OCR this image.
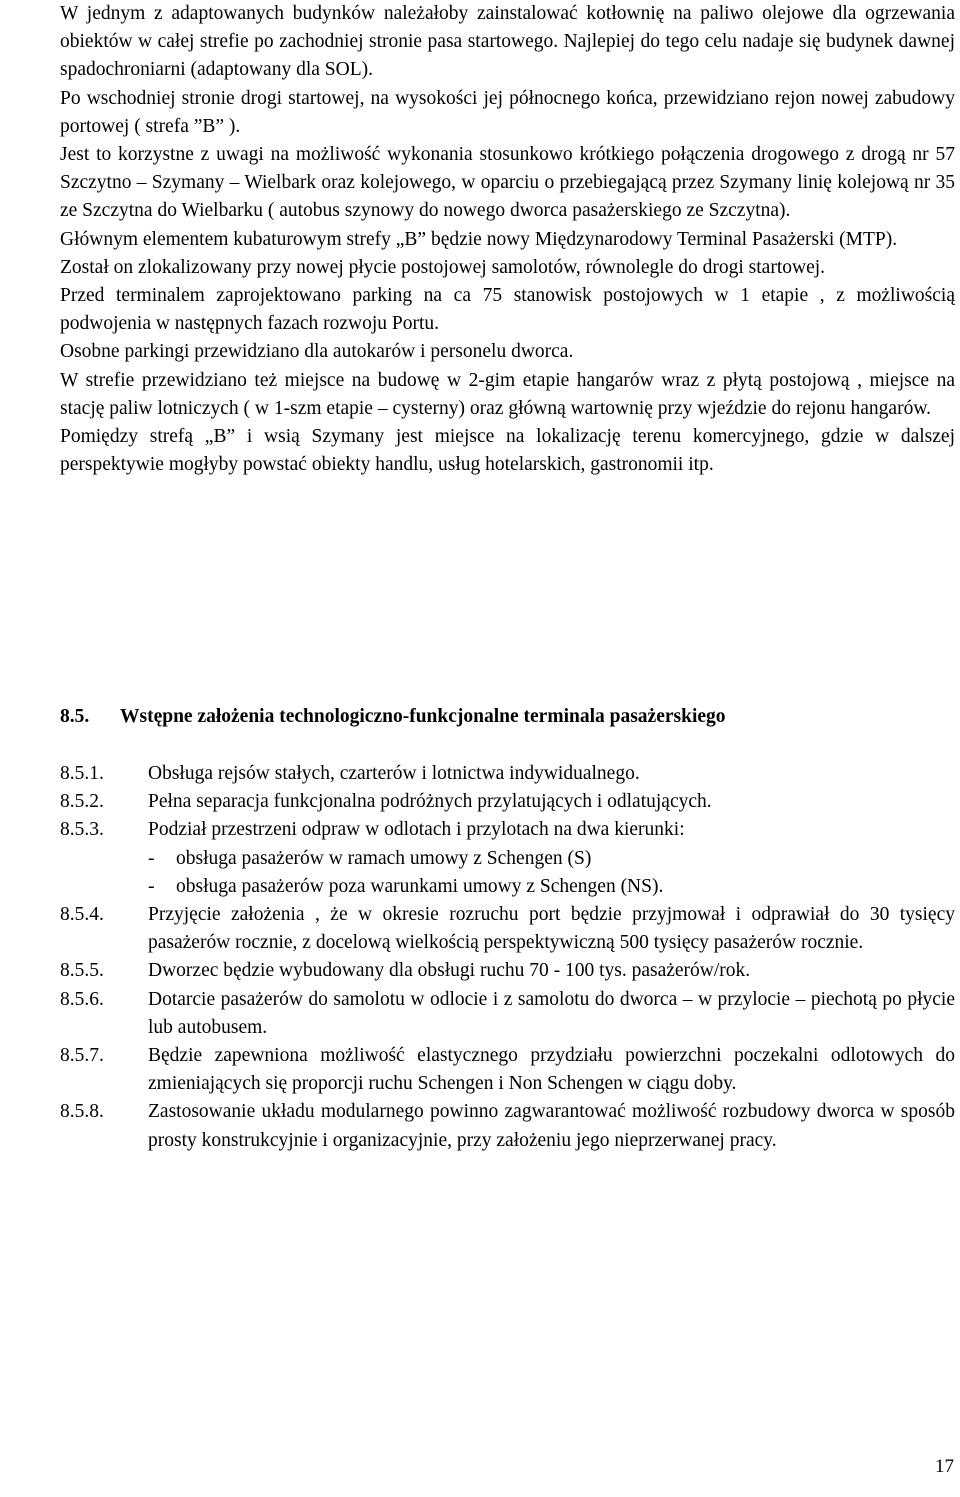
W jednym z adaptowanych budynków należałoby zainstalować kotłownię na paliwo olejowe dla ogrzewania obiektów w całej strefie po zachodniej stronie pasa startowego. Najlepiej do tego celu nadaje się budynek dawnej spadochroniarni (adaptowany dla SOL).

Po wschodniej stronie drogi startowej, na wysokości jej północnego końca, przewidziano rejon nowej zabudowy portowej ( strefa ”B” ).

Jest to korzystne z uwagi na możliwość wykonania stosunkowo krótkiego połączenia drogowego z drogą nr 57 Szczytno – Szymany – Wielbark oraz kolejowego, w oparciu o przebiegającą przez Szymany linię kolejową nr 35 ze Szczytna do Wielbarku ( autobus szynowy do nowego dworca pasażerskiego ze Szczytna).

Głównym elementem kubaturowym strefy „B” będzie nowy Międzynarodowy Terminal Pasażerski (MTP).

Został on zlokalizowany przy nowej płycie postojowej samolotów, równolegle do drogi startowej.

Przed terminalem zaprojektowano parking na ca 75 stanowisk postojowych w 1 etapie , z możliwością podwojenia w następnych fazach rozwoju Portu.

Osobne parkingi przewidziano dla autokarów i personelu dworca.

W strefie przewidziano też miejsce na budowę w 2-gim etapie hangarów wraz z płytą postojową , miejsce na stację paliw lotniczych ( w 1-szm etapie – cysterny) oraz główną wartownię przy wjeździe do rejonu hangarów.

Pomiędzy strefą „B” i wsią Szymany jest miejsce na lokalizację terenu komercyjnego, gdzie w dalszej perspektywie mogłyby powstać obiekty handlu, usług hotelarskich, gastronomii itp.

8.5.	Wstępne założenia technologiczno-funkcjonalne terminala pasażerskiego
8.5.1.	Obsługa rejsów stałych, czarterów i lotnictwa indywidualnego.
8.5.2.	Pełna separacja funkcjonalna podróżnych przylatujących i odlatujących.
8.5.3.	Podział przestrzeni odpraw w odlotach i przylotach na dwa kierunki:
- obsługa pasażerów w ramach umowy z Schengen (S)
- obsługa pasażerów poza warunkami umowy z Schengen (NS).
8.5.4.	Przyjęcie założenia , że w okresie rozruchu port będzie przyjmował i odprawiał do 30 tysięcy pasażerów rocznie, z docelową wielkością perspektywiczną 500 tysięcy pasażerów rocznie.
8.5.5.	Dworzec będzie wybudowany dla obsługi ruchu 70 - 100 tys. pasażerów/rok.
8.5.6.	Dotarcie pasażerów do samolotu w odlocie i z samolotu do dworca – w przylocie – piechotą po płycie lub autobusem.
8.5.7.	Będzie zapewniona możliwość elastycznego przydziału powierzchni poczekalni odlotowych do zmieniających się proporcji ruchu Schengen i Non Schengen w ciągu doby.
8.5.8.	Zastosowanie układu modularnego powinno zagwarantować możliwość rozbudowy dworca w sposób prosty konstrukcyjnie i organizacyjnie, przy założeniu jego nieprzerwanej pracy.
17
